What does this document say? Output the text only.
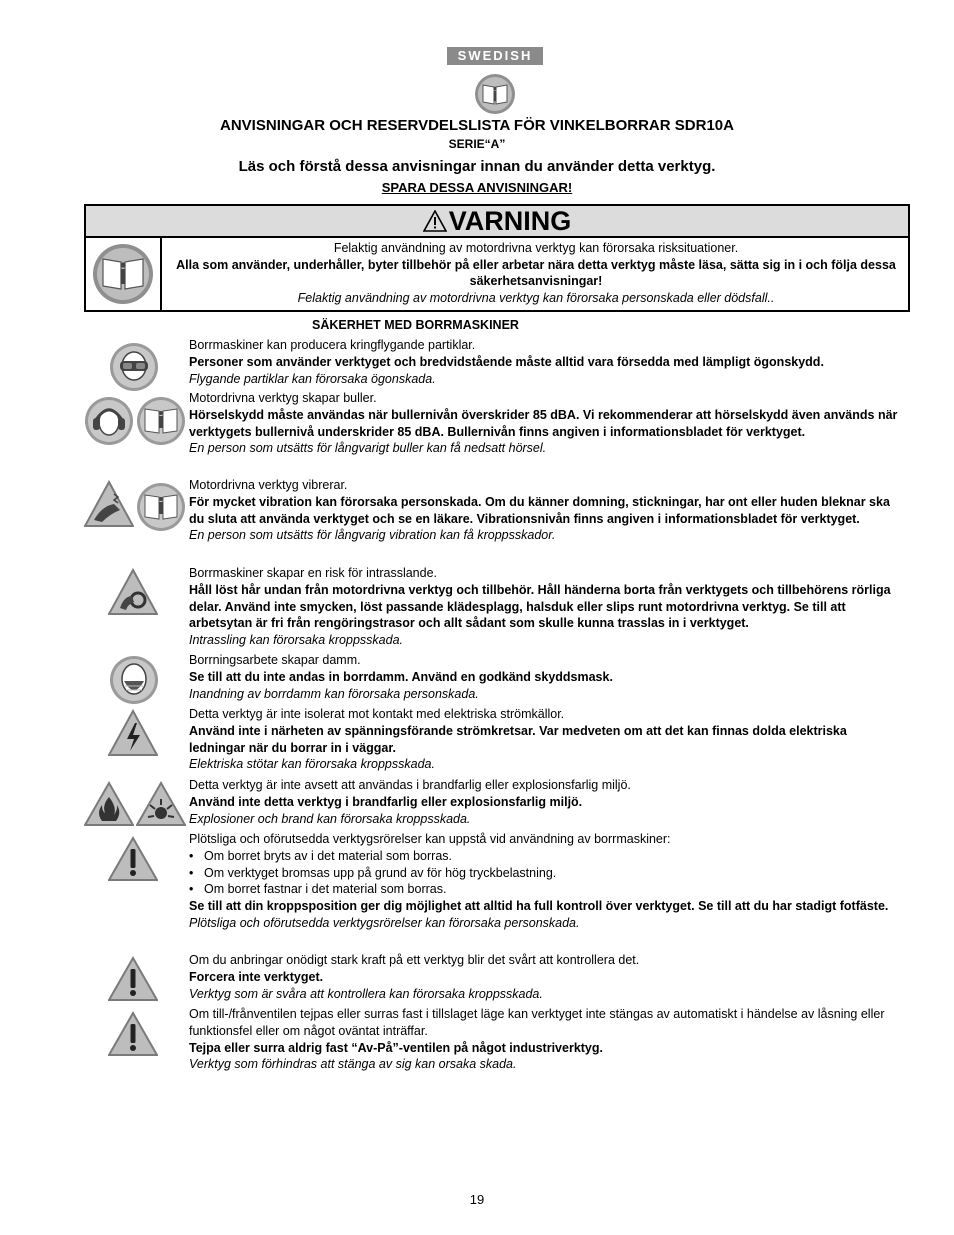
SWEDISH
ANVISNINGAR OCH RESERVDELSLISTA FÖR VINKELBORRAR SDR10A
SERIE“A”
Läs och förstå dessa anvisningar innan du använder detta verktyg.
SPARA DESSA ANVISNINGAR!
VARNING
Felaktig användning av motordrivna verktyg kan förorsaka risksituationer.
Alla som använder, underhåller, byter tillbehör på eller arbetar nära detta verktyg måste läsa, sätta sig in i och följa dessa säkerhetsanvisningar!
Felaktig användning av motordrivna verktyg kan förorsaka personskada eller dödsfall..
SÄKERHET MED BORRMASKINER

Borrmaskiner kan producera kringflygande partiklar.

Personer som använder verktyget och bredvidstående måste alltid vara försedda med lämpligt ögonskydd.

Flygande partiklar kan förorsaka ögonskada.

Motordrivna verktyg skapar buller.

Hörselskydd måste användas när bullernivån överskrider 85 dBA. Vi rekommenderar att hörselskydd även används när verktygets bullernivå underskrider 85 dBA. Bullernivån finns angiven i informationsbladet för verktyget.

En person som utsätts för långvarigt buller kan få nedsatt hörsel.

Motordrivna verktyg vibrerar.

För mycket vibration kan förorsaka personskada. Om du känner domning, stickningar, har ont eller huden bleknar ska du sluta att använda verktyget och se en läkare. Vibrationsnivån finns angiven i informationsbladet för verktyget.

En person som utsätts för långvarig vibration kan få kroppsskador.

Borrmaskiner skapar en risk för intrasslande.

Håll löst hår undan från motordrivna verktyg och tillbehör. Håll händerna borta från verktygets och tillbehörens rörliga delar. Använd inte smycken, löst passande klädesplagg, halsduk eller slips runt motordrivna verktyg. Se till att arbetsytan är fri från rengöringstrasor och allt sådant som skulle kunna trasslas in i verktyget.

Intrassling kan förorsaka kroppsskada.

Borrningsarbete skapar damm.

Se till att du inte andas in borrdamm. Använd en godkänd skyddsmask.

Inandning av borrdamm kan förorsaka personskada.

Detta verktyg är inte isolerat mot kontakt med elektriska strömkällor.

Använd inte i närheten av spänningsförande strömkretsar. Var medveten om att det kan finnas dolda elektriska ledningar när du borrar in i väggar.

Elektriska stötar kan förorsaka kroppsskada.

Detta verktyg är inte avsett att användas i brandfarlig eller explosionsfarlig miljö.

Använd inte detta verktyg i brandfarlig eller explosionsfarlig miljö.

Explosioner och brand kan förorsaka kroppsskada.

Plötsliga och oförutsedda verktygsrörelser kan uppstå vid användning av borrmaskiner:

• Om borret bryts av i det material som borras.

• Om verktyget bromsas upp på grund av för hög tryckbelastning.

• Om borret fastnar i det material som borras.

Se till att din kroppsposition ger dig möjlighet att alltid ha full kontroll över verktyget. Se till att du har stadigt fotfäste.

Plötsliga och oförutsedda verktygsrörelser kan förorsaka personskada.

Om du anbringar onödigt stark kraft på ett verktyg blir det svårt att kontrollera det.

Forcera inte verktyget.

Verktyg som är svåra att kontrollera kan förorsaka kroppsskada.

Om till-/frånventilen tejpas eller surras fast i tillslaget läge kan verktyget inte stängas av automatiskt i händelse av låsning eller funktionsfel eller om något oväntat inträffar.

Tejpa eller surra aldrig fast “Av-På”-ventilen på något industriverktyg.

Verktyg som förhindras att stänga av sig kan orsaka skada.

19
